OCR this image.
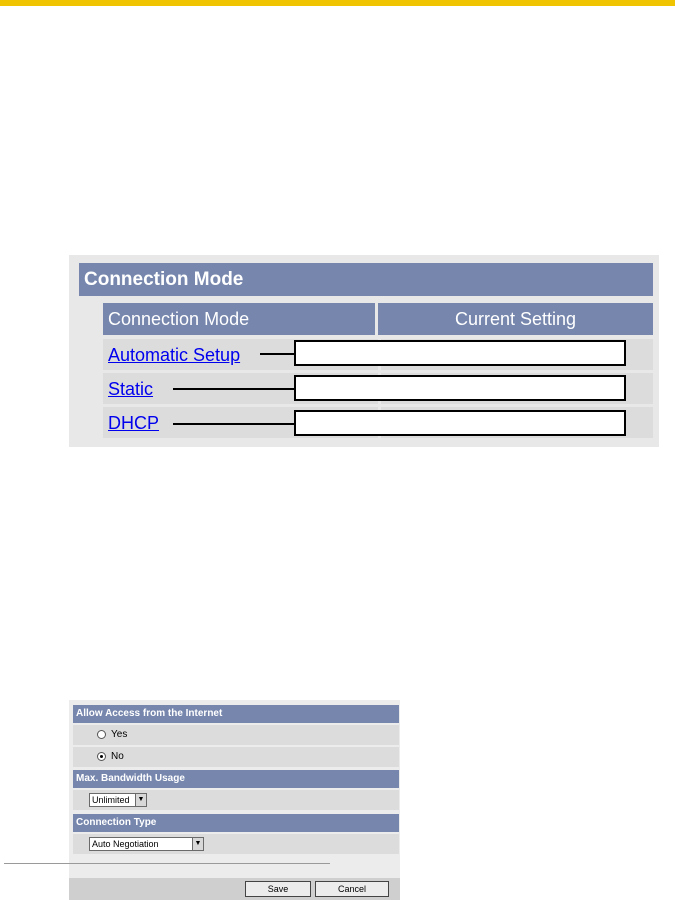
Connection Mode
Connection Mode	Current Setting
Automatic Setup
Static
DHCP
Allow Access from the Internet
Yes
No
Max. Bandwidth Usage
Unlimited	▼
Connection Type
Auto Negotiation	▼
Save	Cancel
